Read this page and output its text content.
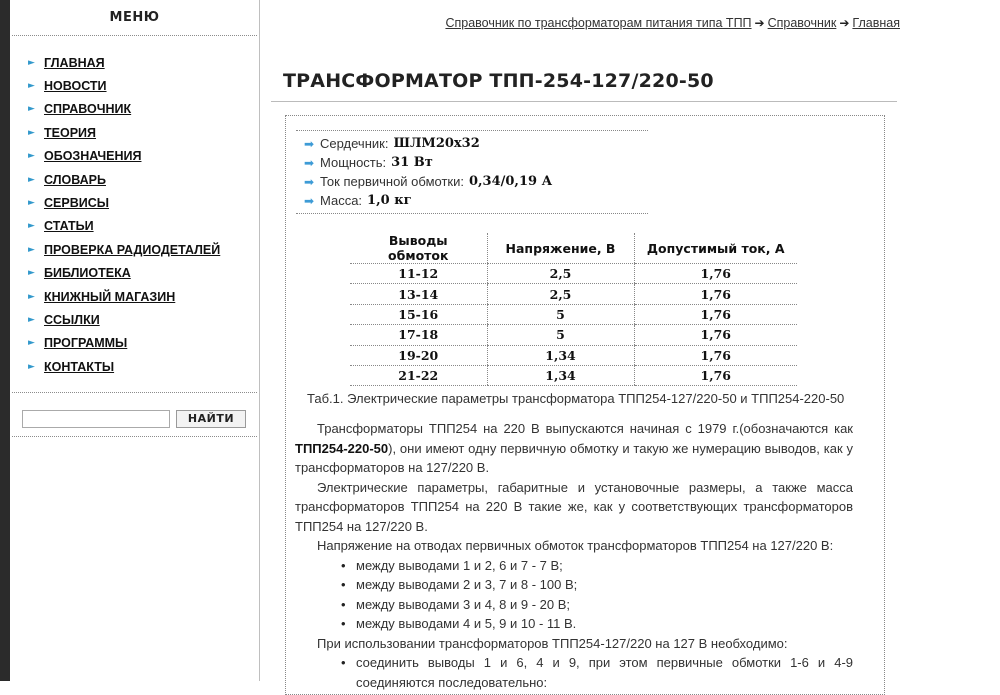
МЕНЮ
► ГЛАВНАЯ
► НОВОСТИ
► СПРАВОЧНИК
► ТЕОРИЯ
► ОБОЗНАЧЕНИЯ
► СЛОВАРЬ
► СЕРВИСЫ
► СТАТЬИ
► ПРОВЕРКА РАДИОДЕТАЛЕЙ
► БИБЛИОТЕКА
► КНИЖНЫЙ МАГАЗИН
► ССЫЛКИ
► ПРОГРАММЫ
► КОНТАКТЫ
НАЙТИ
Справочник по трансформаторам питания типа ТПП ➔ Справочник ➔ Главная
ТРАНСФОРМАТОР ТПП-254-127/220-50
➡ Сердечник: ШЛМ20х32
➡ Мощность: 31 Вт
➡ Ток первичной обмотки: 0,34/0,19 А
➡ Масса: 1,0 кг
Выводы обмоток	Напряжение, В	Допустимый ток, А
11-12	2,5	1,76
13-14	2,5	1,76
15-16	5	1,76
17-18	5	1,76
19-20	1,34	1,76
21-22	1,34	1,76
Таб.1. Электрические параметры трансформатора ТПП254-127/220-50 и ТПП254-220-50

Трансформаторы ТПП254 на 220 В выпускаются начиная с 1979 г.(обозначаются как ТПП254-220-50), они имеют одну первичную обмотку и такую же нумерацию выводов, как у трансформаторов на 127/220 В.

Электрические параметры, габаритные и установочные размеры, а также масса трансформаторов ТПП254 на 220 В такие же, как у соответствующих трансформаторов ТПП254 на 127/220 В.

Напряжение на отводах первичных обмоток трансформаторов ТПП254 на 127/220 В:

• между выводами 1 и 2, 6 и 7 - 7 В;
• между выводами 2 и 3, 7 и 8 - 100 В;
• между выводами 3 и 4, 8 и 9 - 20 В;
• между выводами 4 и 5, 9 и 10 - 11 В.

При использовании трансформаторов ТПП254-127/220 на 127 В необходимо:

• соединить выводы 1 и 6, 4 и 9, при этом первичные обмотки 1-6 и 4-9 соединяются последовательно:
